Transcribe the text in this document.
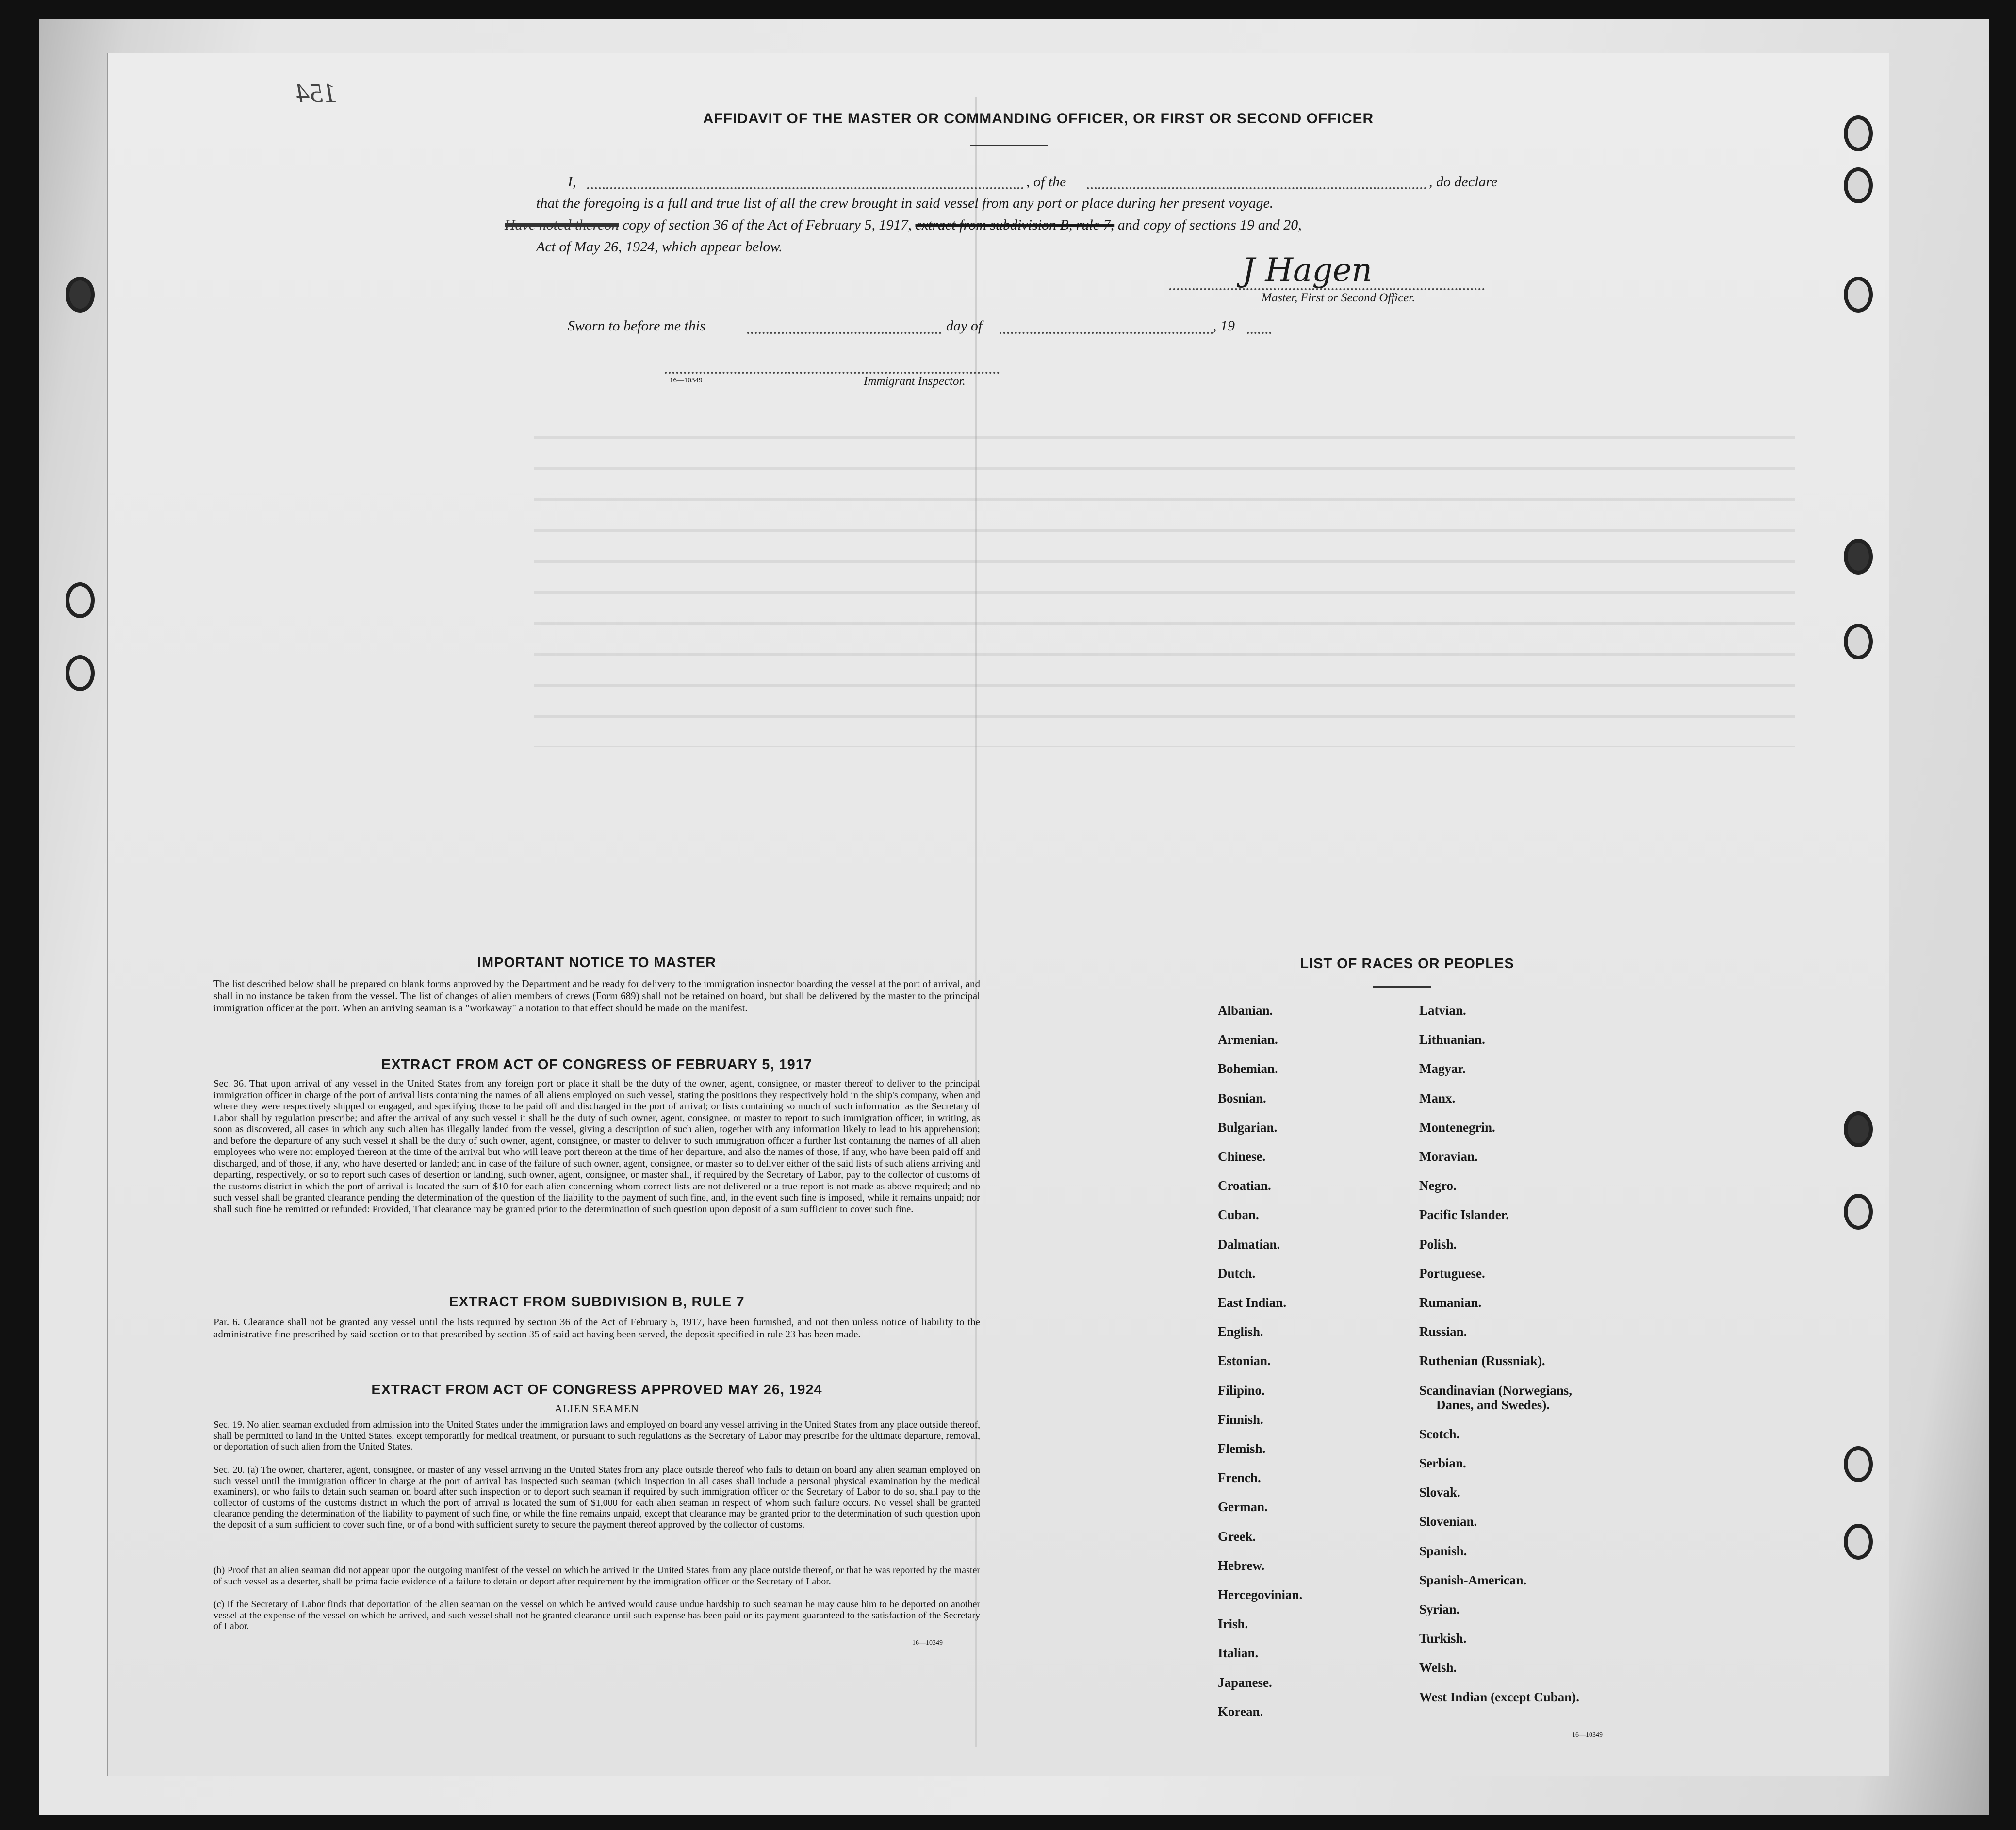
154
AFFIDAVIT OF THE MASTER OR COMMANDING OFFICER, OR FIRST OR SECOND OFFICER
I,	, of the	, do declare
that the foregoing is a full and true list of all the crew brought in said vessel from any port or place during her present voyage.
Have noted thereon copy of section 36 of the Act of February 5, 1917, extract from subdivision B, rule 7, and copy of sections 19 and 20,
Act of May 26, 1924, which appear below.
J Hagen
Master, First or Second Officer.
Sworn to before me this	day of	, 19
16—10349	Immigrant Inspector.
IMPORTANT NOTICE TO MASTER
The list described below shall be prepared on blank forms approved by the Department and be ready for delivery to the immigration inspector boarding the vessel at the port of arrival, and shall in no instance be taken from the vessel. The list of changes of alien members of crews (Form 689) shall not be retained on board, but shall be delivered by the master to the principal immigration officer at the port. When an arriving seaman is a "workaway" a notation to that effect should be made on the manifest.
EXTRACT FROM ACT OF CONGRESS OF FEBRUARY 5, 1917
Sec. 36. That upon arrival of any vessel in the United States from any foreign port or place it shall be the duty of the owner, agent, consignee, or master thereof to deliver to the principal immigration officer in charge of the port of arrival lists containing the names of all aliens employed on such vessel, stating the positions they respectively hold in the ship's company, when and where they were respectively shipped or engaged, and specifying those to be paid off and discharged in the port of arrival; or lists containing so much of such information as the Secretary of Labor shall by regulation prescribe; and after the arrival of any such vessel it shall be the duty of such owner, agent, consignee, or master to report to such immigration officer, in writing, as soon as discovered, all cases in which any such alien has illegally landed from the vessel, giving a description of such alien, together with any information likely to lead to his apprehension; and before the departure of any such vessel it shall be the duty of such owner, agent, consignee, or master to deliver to such immigration officer a further list containing the names of all alien employees who were not employed thereon at the time of the arrival but who will leave port thereon at the time of her departure, and also the names of those, if any, who have been paid off and discharged, and of those, if any, who have deserted or landed; and in case of the failure of such owner, agent, consignee, or master so to deliver either of the said lists of such aliens arriving and departing, respectively, or so to report such cases of desertion or landing, such owner, agent, consignee, or master shall, if required by the Secretary of Labor, pay to the collector of customs of the customs district in which the port of arrival is located the sum of $10 for each alien concerning whom correct lists are not delivered or a true report is not made as above required; and no such vessel shall be granted clearance pending the determination of the question of the liability to the payment of such fine, and, in the event such fine is imposed, while it remains unpaid; nor shall such fine be remitted or refunded: Provided, That clearance may be granted prior to the determination of such question upon deposit of a sum sufficient to cover such fine.
EXTRACT FROM SUBDIVISION B, RULE 7
Par. 6. Clearance shall not be granted any vessel until the lists required by section 36 of the Act of February 5, 1917, have been furnished, and not then unless notice of liability to the administrative fine prescribed by said section or to that prescribed by section 35 of said act having been served, the deposit specified in rule 23 has been made.
EXTRACT FROM ACT OF CONGRESS APPROVED MAY 26, 1924
ALIEN SEAMEN
Sec. 19. No alien seaman excluded from admission into the United States under the immigration laws and employed on board any vessel arriving in the United States from any place outside thereof, shall be permitted to land in the United States, except temporarily for medical treatment, or pursuant to such regulations as the Secretary of Labor may prescribe for the ultimate departure, removal, or deportation of such alien from the United States.
Sec. 20. (a) The owner, charterer, agent, consignee, or master of any vessel arriving in the United States from any place outside thereof who fails to detain on board any alien seaman employed on such vessel until the immigration officer in charge at the port of arrival has inspected such seaman (which inspection in all cases shall include a personal physical examination by the medical examiners), or who fails to detain such seaman on board after such inspection or to deport such seaman if required by such immigration officer or the Secretary of Labor to do so, shall pay to the collector of customs of the customs district in which the port of arrival is located the sum of $1,000 for each alien seaman in respect of whom such failure occurs. No vessel shall be granted clearance pending the determination of the liability to payment of such fine, or while the fine remains unpaid, except that clearance may be granted prior to the determination of such question upon the deposit of a sum sufficient to cover such fine, or of a bond with sufficient surety to secure the payment thereof approved by the collector of customs.
(b) Proof that an alien seaman did not appear upon the outgoing manifest of the vessel on which he arrived in the United States from any place outside thereof, or that he was reported by the master of such vessel as a deserter, shall be prima facie evidence of a failure to detain or deport after requirement by the immigration officer or the Secretary of Labor.
(c) If the Secretary of Labor finds that deportation of the alien seaman on the vessel on which he arrived would cause undue hardship to such seaman he may cause him to be deported on another vessel at the expense of the vessel on which he arrived, and such vessel shall not be granted clearance until such expense has been paid or its payment guaranteed to the satisfaction of the Secretary of Labor.
16—10349
LIST OF RACES OR PEOPLES
16—10349
Albanian.
Armenian.
Bohemian.
Bosnian.
Bulgarian.
Chinese.
Croatian.
Cuban.
Dalmatian.
Dutch.
East Indian.
English.
Estonian.
Filipino.
Finnish.
Flemish.
French.
German.
Greek.
Hebrew.
Hercegovinian.
Irish.
Italian.
Japanese.
Korean.
Latvian.
Lithuanian.
Magyar.
Manx.
Montenegrin.
Moravian.
Negro.
Pacific Islander.
Polish.
Portuguese.
Rumanian.
Russian.
Ruthenian (Russniak).
Scandinavian (Norwegians,
Danes, and Swedes).
Scotch.
Serbian.
Slovak.
Slovenian.
Spanish.
Spanish-American.
Syrian.
Turkish.
Welsh.
West Indian (except Cuban).
